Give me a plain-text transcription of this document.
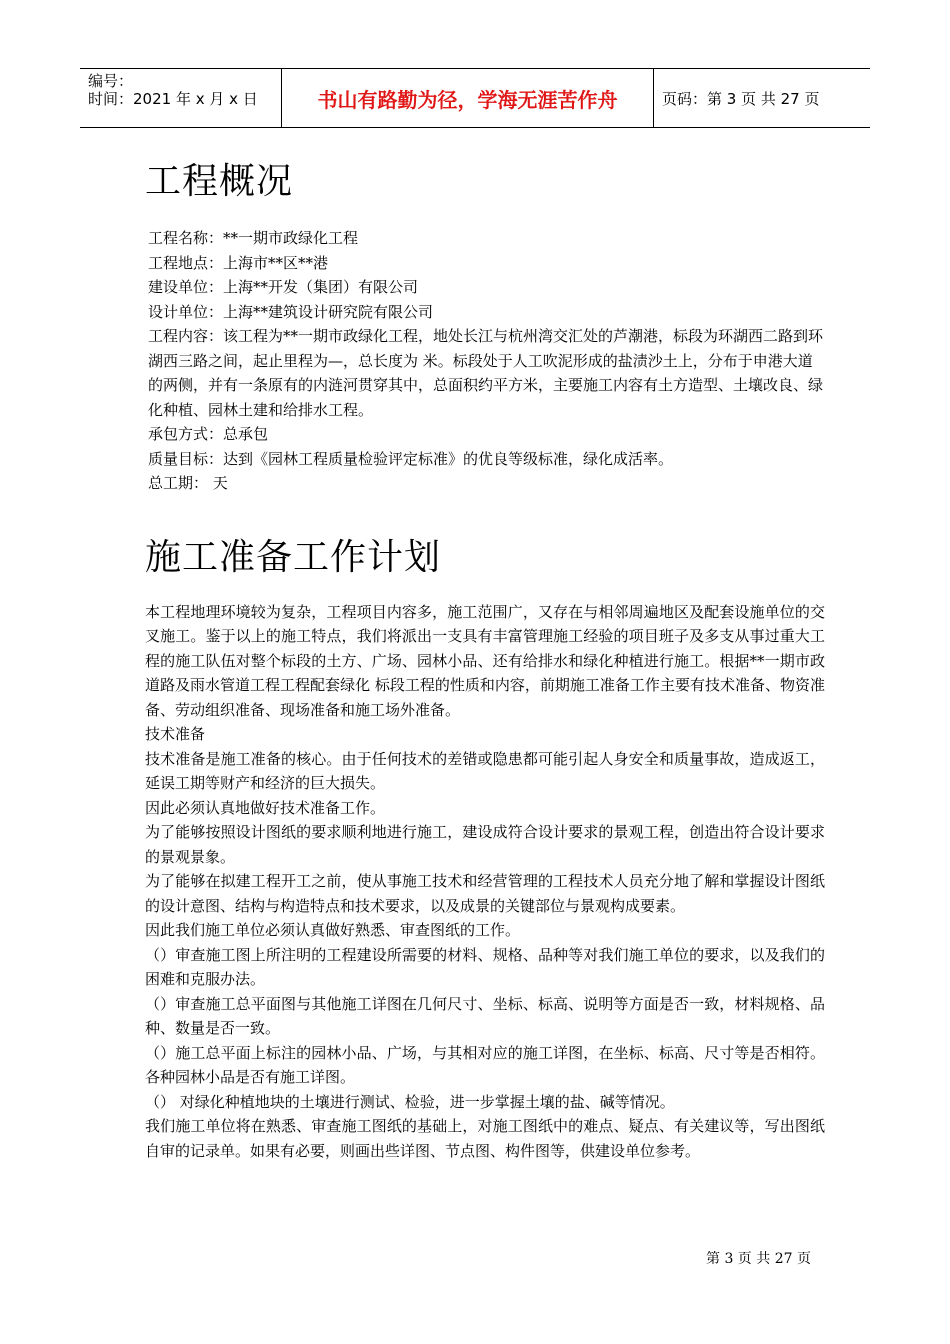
编号：
时间：2021 年 x 月 x 日	书山有路勤为径，学海无涯苦作舟	页码：第 3 页 共 27 页
工程概况

工程名称：**一期市政绿化工程

工程地点：上海市**区**港

建设单位：上海**开发（集团）有限公司

设计单位：上海**建筑设计研究院有限公司

工程内容：该工程为**一期市政绿化工程，地处长江与杭州湾交汇处的芦潮港，标段为环湖西二路到环湖西三路之间，起止里程为—，总长度为 米。标段处于人工吹泥形成的盐渍沙土上，分布于申港大道的两侧，并有一条原有的内涟河贯穿其中，总面积约平方米，主要施工内容有土方造型、土壤改良、绿化种植、园林土建和给排水工程。

承包方式：总承包

质量目标：达到《园林工程质量检验评定标准》的优良等级标准，绿化成活率。

总工期： 天

施工准备工作计划

本工程地理环境较为复杂，工程项目内容多，施工范围广，又存在与相邻周遍地区及配套设施单位的交叉施工。鉴于以上的施工特点，我们将派出一支具有丰富管理施工经验的项目班子及多支从事过重大工程的施工队伍对整个标段的土方、广场、园林小品、还有给排水和绿化种植进行施工。根据**一期市政 道路及雨水管道工程工程配套绿化 标段工程的性质和内容，前期施工准备工作主要有技术准备、物资准备、劳动组织准备、现场准备和施工场外准备。

技术准备

技术准备是施工准备的核心。由于任何技术的差错或隐患都可能引起人身安全和质量事故，造成返工，延误工期等财产和经济的巨大损失。

因此必须认真地做好技术准备工作。

为了能够按照设计图纸的要求顺利地进行施工，建设成符合设计要求的景观工程，创造出符合设计要求的景观景象。

为了能够在拟建工程开工之前，使从事施工技术和经营管理的工程技术人员充分地了解和掌握设计图纸的设计意图、结构与构造特点和技术要求，以及成景的关键部位与景观构成要素。

因此我们施工单位必须认真做好熟悉、审查图纸的工作。

（）审查施工图上所注明的工程建设所需要的材料、规格、品种等对我们施工单位的要求，以及我们的困难和克服办法。

（）审查施工总平面图与其他施工详图在几何尺寸、坐标、标高、说明等方面是否一致，材料规格、品种、数量是否一致。

（）施工总平面上标注的园林小品、广场，与其相对应的施工详图，在坐标、标高、尺寸等是否相符。各种园林小品是否有施工详图。

（） 对绿化种植地块的土壤进行测试、检验，进一步掌握土壤的盐、碱等情况。

我们施工单位将在熟悉、审查施工图纸的基础上，对施工图纸中的难点、疑点、有关建议等，写出图纸自审的记录单。如果有必要，则画出些详图、节点图、构件图等，供建设单位参考。

第 3 页 共 27 页
